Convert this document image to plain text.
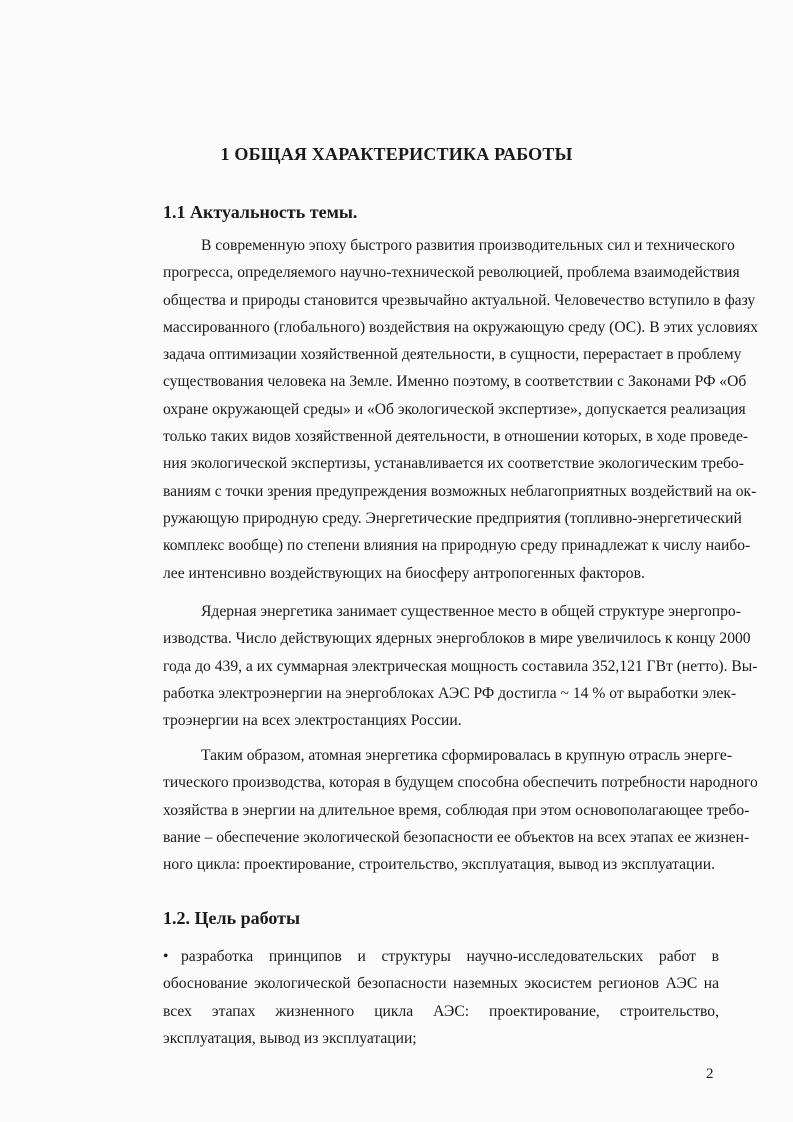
1 ОБЩАЯ ХАРАКТЕРИСТИКА РАБОТЫ
1.1 Актуальность темы.
В современную эпоху быстрого развития производительных сил и технического
прогресса, определяемого научно-технической революцией, проблема взаимодействия
общества и природы становится чрезвычайно актуальной. Человечество вступило в фазу
массированного (глобального) воздействия на окружающую среду (ОС). В этих условиях
задача оптимизации хозяйственной деятельности, в сущности, перерастает в проблему
существования человека на Земле. Именно поэтому, в соответствии с Законами РФ «Об
охране окружающей среды» и «Об экологической экспертизе», допускается реализация
только таких видов хозяйственной деятельности, в отношении которых, в ходе проведе-
ния экологической экспертизы, устанавливается их соответствие экологическим требо-
ваниям с точки зрения предупреждения возможных неблагоприятных воздействий на ок-
ружающую природную среду. Энергетические предприятия (топливно-энергетический
комплекс вообще) по степени влияния на природную среду принадлежат к числу наибо-
лее интенсивно воздействующих на биосферу антропогенных факторов.
Ядерная энергетика занимает существенное место в общей структуре энергопро-
изводства. Число действующих ядерных энергоблоков в мире увеличилось к концу 2000
года до 439, а их суммарная электрическая мощность составила 352,121 ГВт (нетто). Вы-
работка электроэнергии на энергоблоках АЭС РФ достигла ~ 14 % от выработки элек-
троэнергии на всех электростанциях России.
Таким образом, атомная энергетика сформировалась в крупную отрасль энерге-
тического производства, которая в будущем способна обеспечить потребности народного
хозяйства в энергии на длительное время, соблюдая при этом основополагающее требо-
вание – обеспечение экологической безопасности ее объектов на всех этапах ее жизнен-
ного цикла: проектирование, строительство, эксплуатация, вывод из эксплуатации.
1.2. Цель работы
• разработка принципов и структуры научно-исследовательских работ в
обоснование экологической безопасности наземных экосистем регионов АЭС на
всех этапах жизненного цикла АЭС: проектирование, строительство,
эксплуатация, вывод из эксплуатации;
2
